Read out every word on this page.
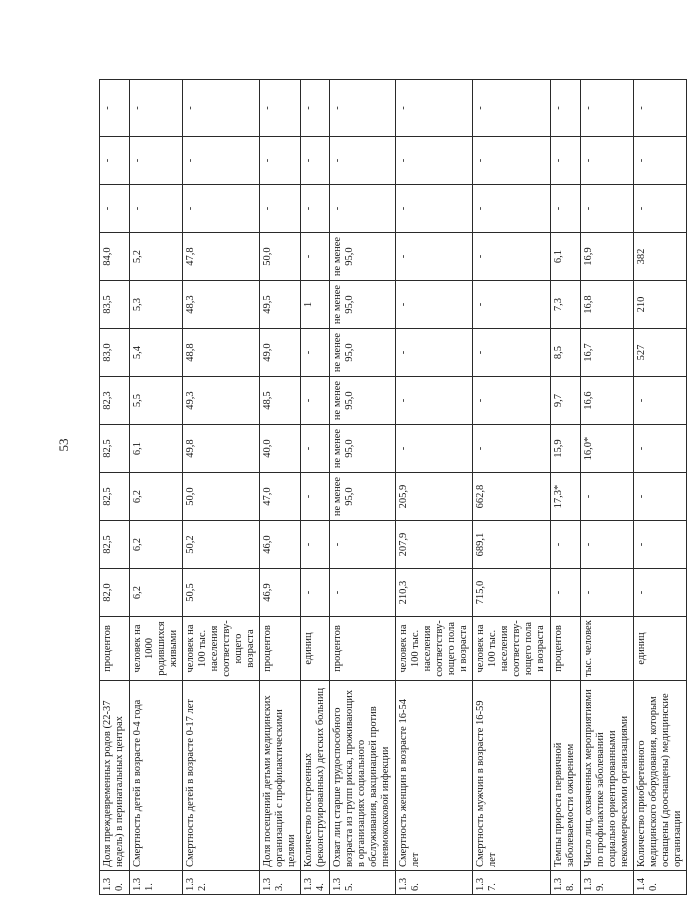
53
1.30.	Доля преждевременных родов (22-37 недель) в перинатальных центрах	процентов	82,0	82,5	82,5	82,5	82,3	83,0	83,5	84,0	-	-	-
1.31.	Смертность детей в возрасте 0-4 года	человек на 1000 родившихся живыми	6,2	6,2	6,2	6,1	5,5	5,4	5,3	5,2	-	-	-
1.32.	Смертность детей в возрасте 0-17 лет	человек на 100 тыс. населения соответству-ющего возраста	50,5	50,2	50,0	49,8	49,3	48,8	48,3	47,8	-	-	-
1.33.	Доля посещений детьми медицинских организаций с профилактическими целями	процентов	46,9	46,0	47,0	40,0	48,5	49,0	49,5	50,0	-	-	-
1.34.	Количество построенных (реконструированных) детских больниц	единиц	-	-	-	-	-	-	1	-	-	-	-
1.35.	Охват лиц старше трудоспособного возраста из групп риска, проживающих в организациях социального обслуживания, вакцинацией против пневмококковой инфекции	процентов	-	-	не менее 95,0	не менее 95,0	не менее 95,0	не менее 95,0	не менее 95,0	не менее 95,0	-	-	-
1.36.	Смертность женщин в возрасте 16-54 лет	человек на 100 тыс. населения соответству-ющего пола и возраста	210,3	207,9	205,9	-	-	-	-	-	-	-	-
1.37.	Смертность мужчин в возрасте 16-59 лет	человек на 100 тыс. населения соответству-ющего пола и возраста	715,0	689,1	662,8	-	-	-	-	-	-	-	-
1.38.	Темпы прироста первичной заболеваемости ожирением	процентов	-	-	17,3*	15,9	9,7	8,5	7,3	6,1	-	-	-
1.39.	Число лиц, охваченных мероприятиями по профилактике заболеваний социально ориентированными некоммерческими организациями	тыс. человек	-	-	-	16,0*	16,6	16,7	16,8	16,9	-	-	-
1.40.	Количество приобретенного медицинского оборудования, которым оснащены (дооснащены) медицинские организации	единиц	-	-	-	-	-	527	210	382	-	-	-
